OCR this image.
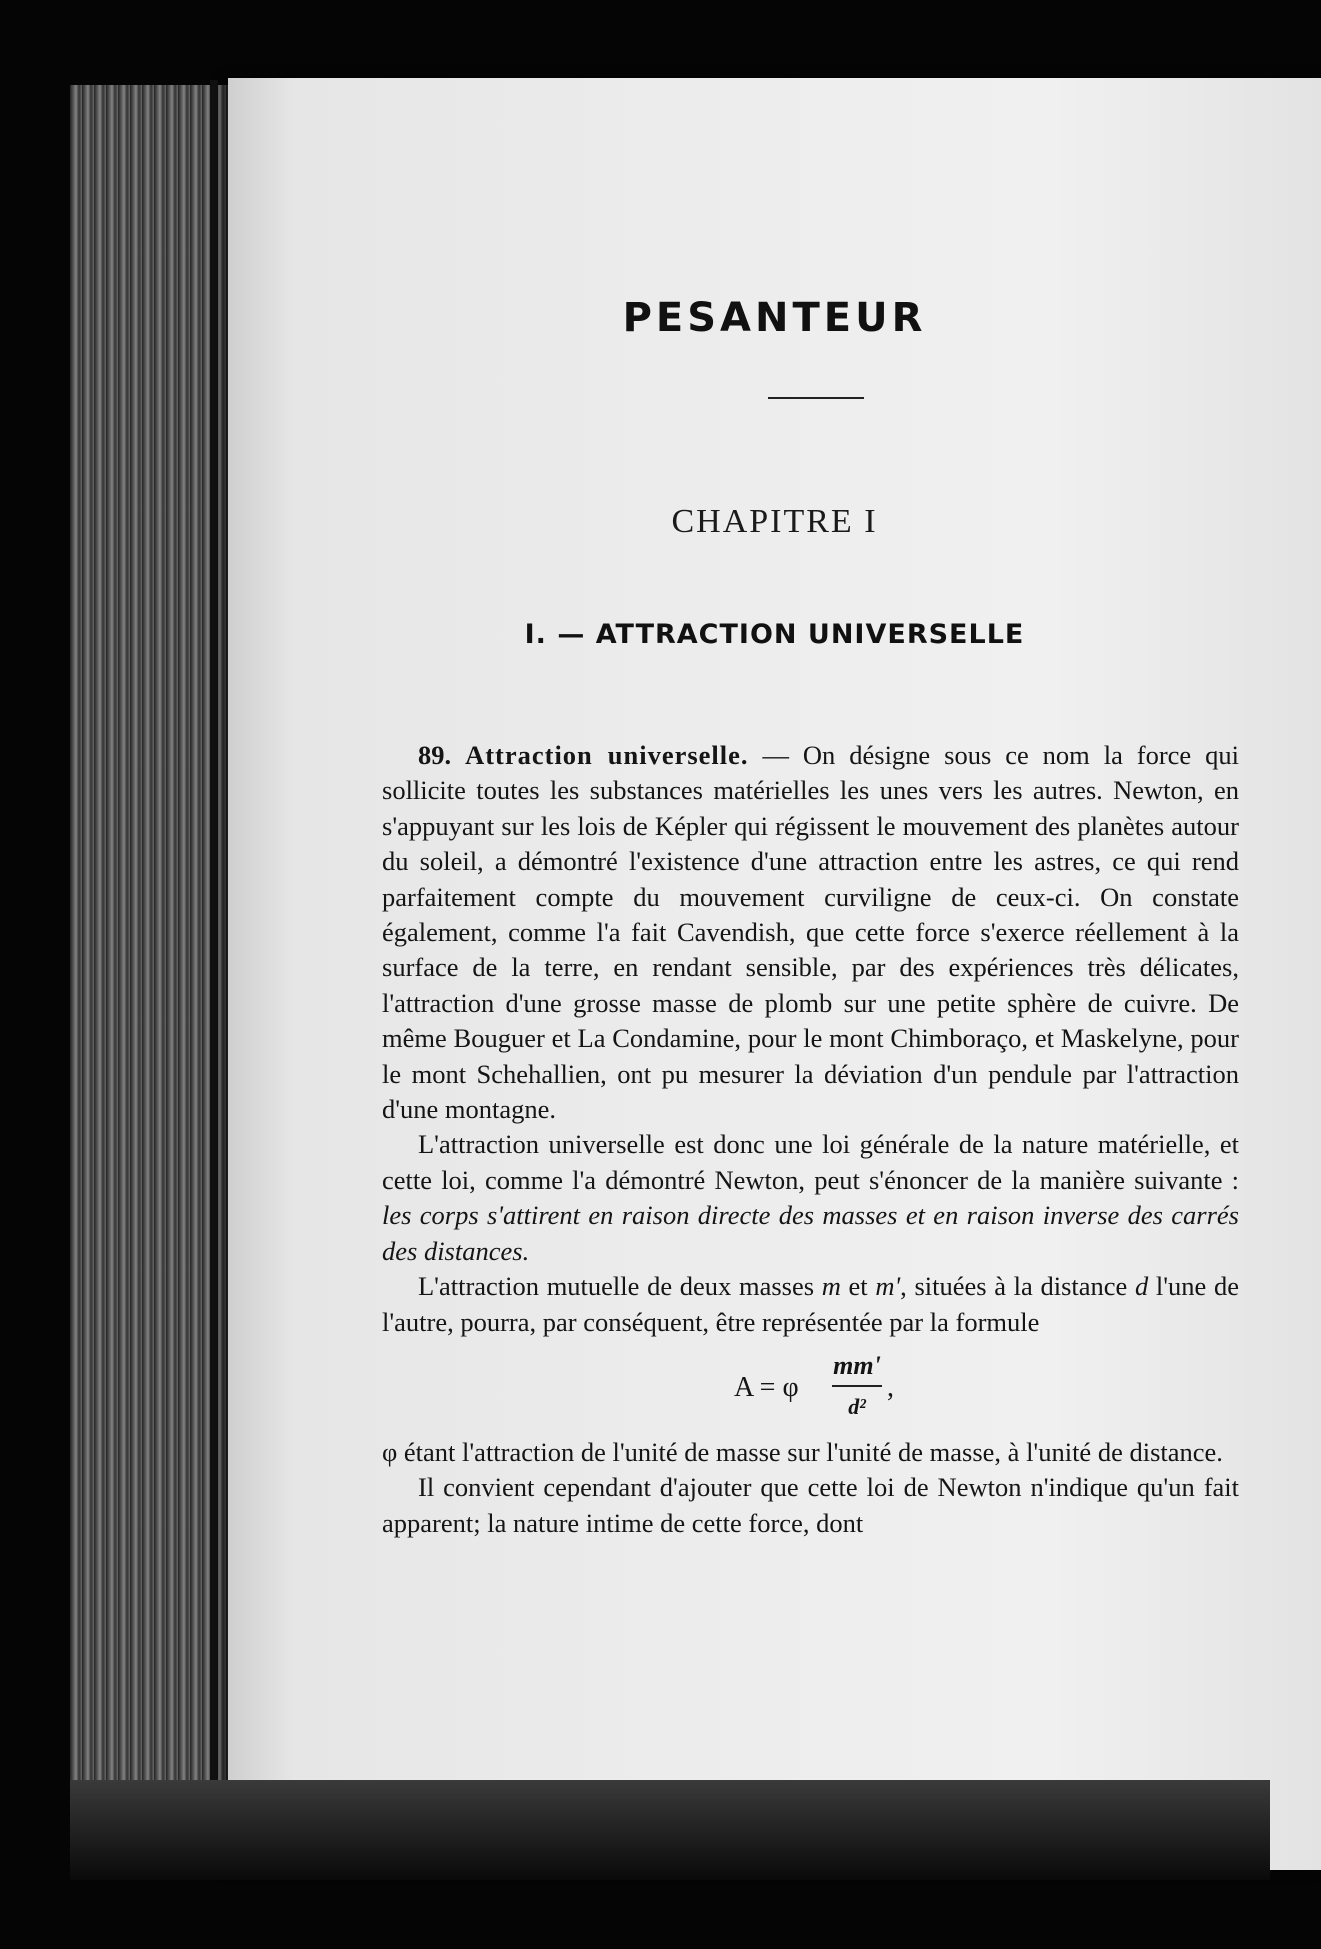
PESANTEUR
CHAPITRE I
I. — ATTRACTION UNIVERSELLE

89. Attraction universelle. — On désigne sous ce nom la force qui sollicite toutes les substances matérielles les unes vers les autres. Newton, en s'appuyant sur les lois de Képler qui régissent le mouvement des planètes autour du soleil, a démontré l'existence d'une attraction entre les astres, ce qui rend parfaitement compte du mouvement curviligne de ceux-ci. On constate également, comme l'a fait Cavendish, que cette force s'exerce réellement à la surface de la terre, en rendant sensible, par des expériences très délicates, l'attraction d'une grosse masse de plomb sur une petite sphère de cuivre. De même Bouguer et La Condamine, pour le mont Chimboraço, et Maskelyne, pour le mont Schehallien, ont pu mesurer la déviation d'un pendule par l'attraction d'une montagne.

L'attraction universelle est donc une loi générale de la nature matérielle, et cette loi, comme l'a démontré Newton, peut s'énoncer de la manière suivante : les corps s'attirent en raison directe des masses et en raison inverse des carrés des distances.

L'attraction mutuelle de deux masses m et m', situées à la distance d l'une de l'autre, pourra, par conséquent, être représentée par la formule

A = φ
mm'
d²
,

φ étant l'attraction de l'unité de masse sur l'unité de masse, à l'unité de distance.

Il convient cependant d'ajouter que cette loi de Newton n'indique qu'un fait apparent; la nature intime de cette force, dont
